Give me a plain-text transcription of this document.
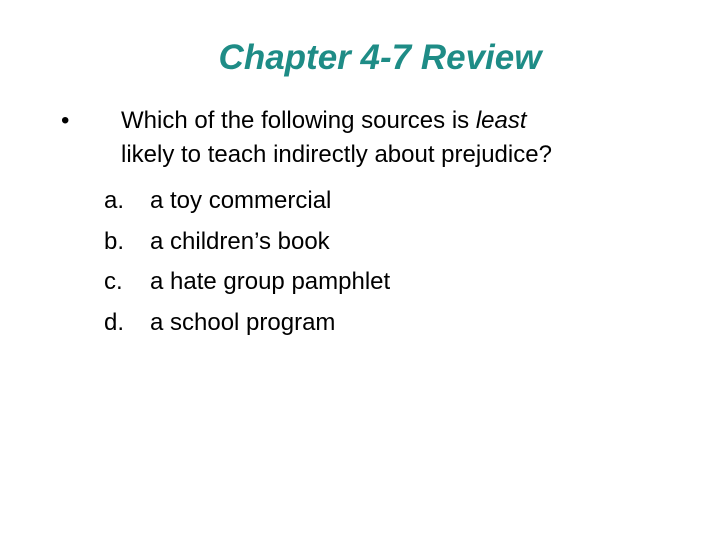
Chapter 4-7 Review
• Which of the following sources is least
likely to teach indirectly about prejudice?
a. a toy commercial
b. a children’s book
c. a hate group pamphlet
d. a school program
